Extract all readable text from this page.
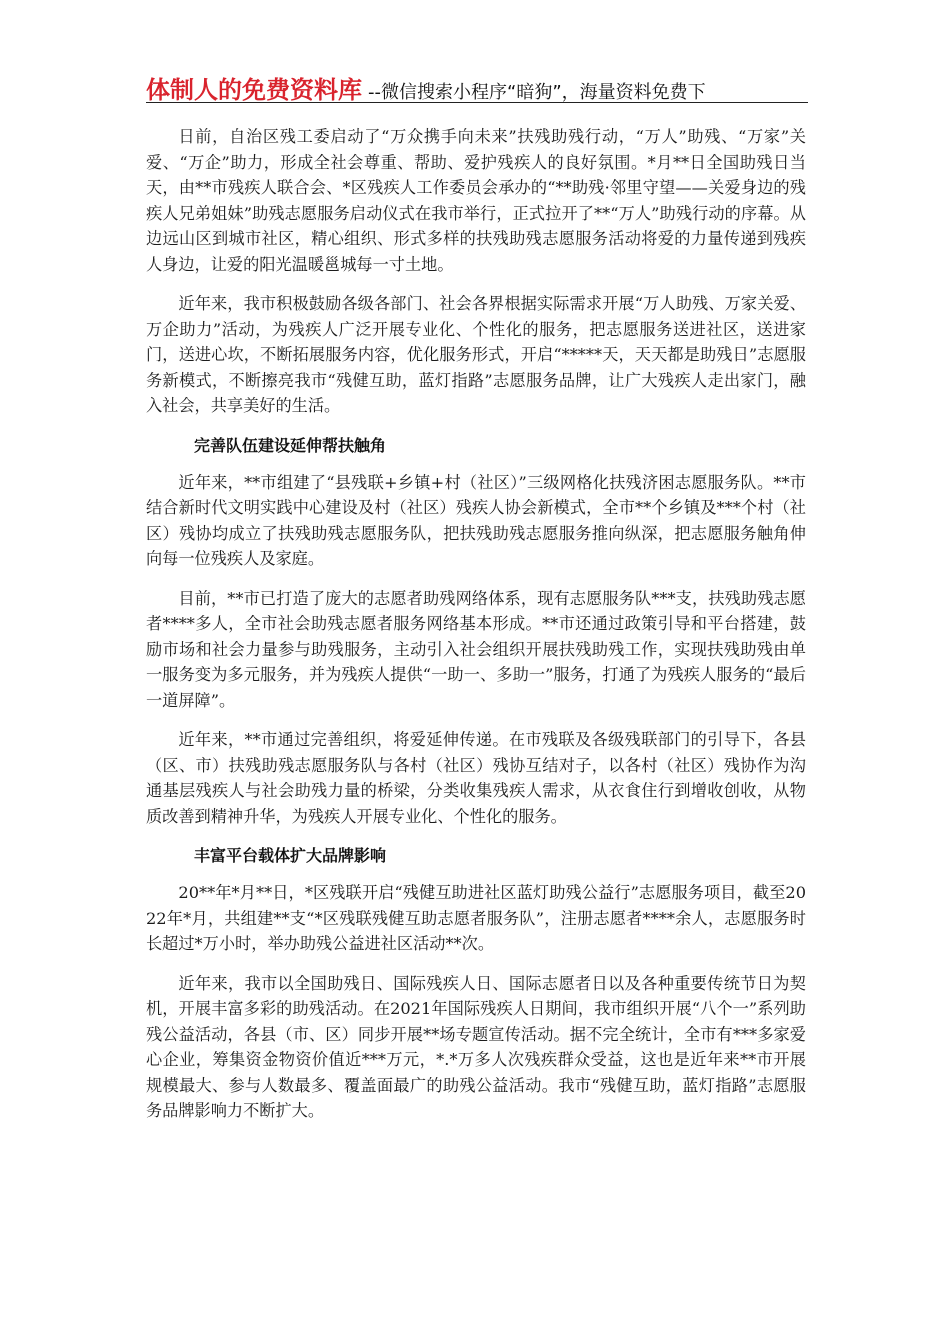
体制人的免费资料库 --微信搜索小程序“暗狗”，海量资料免费下

日前，自治区残工委启动了“万众携手向未来”扶残助残行动，“万人”助残、“万家”关爱、“万企”助力，形成全社会尊重、帮助、爱护残疾人的良好氛围。*月**日全国助残日当天，由**市残疾人联合会、*区残疾人工作委员会承办的“**助残·邻里守望——关爱身边的残疾人兄弟姐妹”助残志愿服务启动仪式在我市举行，正式拉开了**“万人”助残行动的序幕。从边远山区到城市社区，精心组织、形式多样的扶残助残志愿服务活动将爱的力量传递到残疾人身边，让爱的阳光温暖邕城每一寸土地。

近年来，我市积极鼓励各级各部门、社会各界根据实际需求开展“万人助残、万家关爱、万企助力”活动，为残疾人广泛开展专业化、个性化的服务，把志愿服务送进社区，送进家门，送进心坎，不断拓展服务内容，优化服务形式，开启“*****天，天天都是助残日”志愿服务新模式，不断擦亮我市“残健互助，蓝灯指路”志愿服务品牌，让广大残疾人走出家门，融入社会，共享美好的生活。

完善队伍建设延伸帮扶触角

近年来，**市组建了“县残联+乡镇+村（社区）”三级网格化扶残济困志愿服务队。**市结合新时代文明实践中心建设及村（社区）残疾人协会新模式，全市**个乡镇及***个村（社区）残协均成立了扶残助残志愿服务队，把扶残助残志愿服务推向纵深，把志愿服务触角伸向每一位残疾人及家庭。

目前，**市已打造了庞大的志愿者助残网络体系，现有志愿服务队***支，扶残助残志愿者****多人，全市社会助残志愿者服务网络基本形成。**市还通过政策引导和平台搭建，鼓励市场和社会力量参与助残服务，主动引入社会组织开展扶残助残工作，实现扶残助残由单一服务变为多元服务，并为残疾人提供“一助一、多助一”服务，打通了为残疾人服务的“最后一道屏障”。

近年来，**市通过完善组织，将爱延伸传递。在市残联及各级残联部门的引导下，各县（区、市）扶残助残志愿服务队与各村（社区）残协互结对子，以各村（社区）残协作为沟通基层残疾人与社会助残力量的桥梁，分类收集残疾人需求，从衣食住行到增收创收，从物质改善到精神升华，为残疾人开展专业化、个性化的服务。

丰富平台载体扩大品牌影响

20**年*月**日，*区残联开启“残健互助进社区蓝灯助残公益行”志愿服务项目，截至2022年*月，共组建**支“*区残联残健互助志愿者服务队”，注册志愿者****余人，志愿服务时长超过*万小时，举办助残公益进社区活动**次。

近年来，我市以全国助残日、国际残疾人日、国际志愿者日以及各种重要传统节日为契机，开展丰富多彩的助残活动。在2021年国际残疾人日期间，我市组织开展“八个一”系列助残公益活动，各县（市、区）同步开展**场专题宣传活动。据不完全统计，全市有***多家爱心企业，筹集资金物资价值近***万元，*.*万多人次残疾群众受益，这也是近年来**市开展规模最大、参与人数最多、覆盖面最广的助残公益活动。我市“残健互助，蓝灯指路”志愿服务品牌影响力不断扩大。
